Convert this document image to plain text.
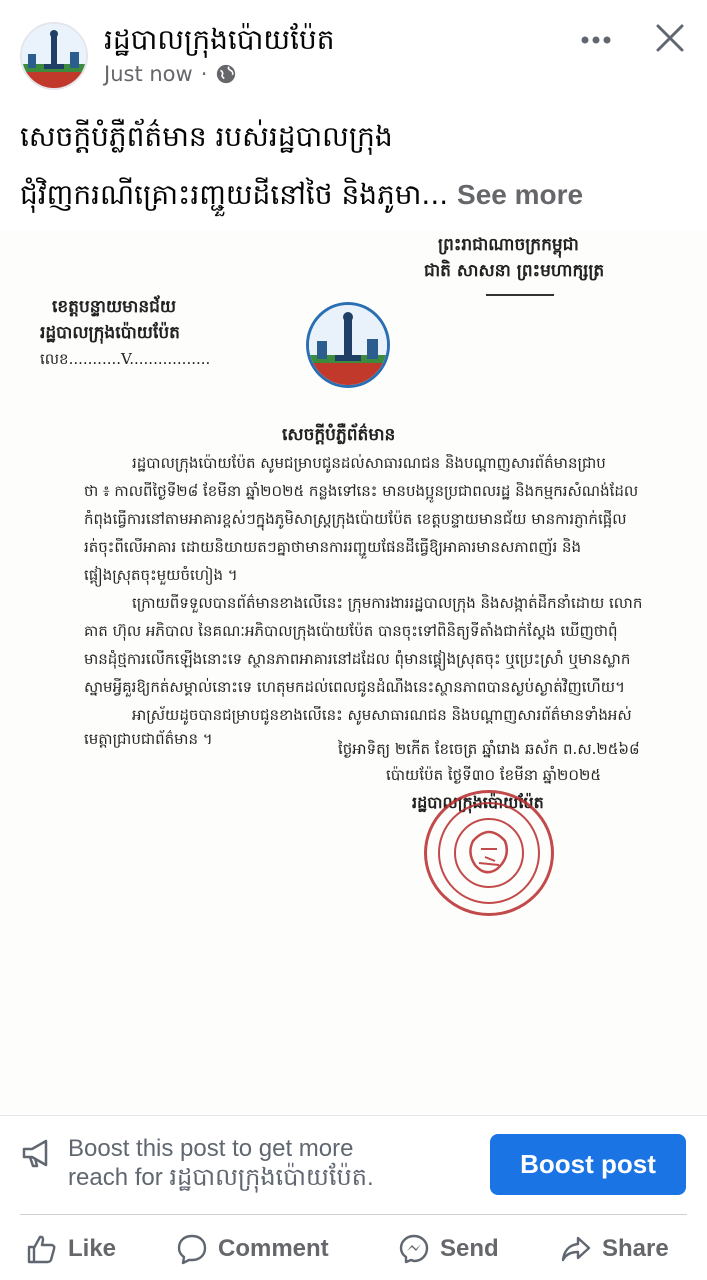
រដ្ឋបាលក្រុងប៉ោយប៉ែត
Just now ·
សេចក្ដីបំភ្លឺព័ត៌មាន របស់រដ្ឋបាលក្រុង
ជុំវិញករណីគ្រោះរញ្ជួយដីនៅថៃ និងភូមា... See more
ព្រះរាជាណាចក្រកម្ពុជា
ជាតិ សាសនា ព្រះមហាក្សត្រ
ខេត្តបន្ទាយមានជ័យ
រដ្ឋបាលក្រុងប៉ោយប៉ែត
លេខ...........V.................
សេចក្ដីបំភ្លឺព័ត៌មាន
រដ្ឋបាលក្រុងប៉ោយប៉ែត សូមជម្រាបជូនដល់សាធារណជន និងបណ្ដាញសារព័ត៌មានជ្រាប
ថា ៖ កាលពីថ្ងៃទី២៨ ខែមីនា ឆ្នាំ២០២៥ កន្លងទៅនេះ មានបងប្អូនប្រជាពលរដ្ឋ និងកម្មករសំណង់ដែល
កំពុងធ្វើការនៅតាមអាគារខ្ពស់ៗក្នុងភូមិសាស្ត្រក្រុងប៉ោយប៉ែត ខេត្តបន្ទាយមានជ័យ មានការភ្ញាក់ផ្អើល
រត់ចុះពីលើអាគារ ដោយនិយាយតៗគ្នាថាមានការរញ្ជួយផែនដីធ្វើឱ្យអាគារមានសភាពញ័រ និង
ផ្ដៀងស្រុតចុះមួយចំហៀង ។
ក្រោយពីទទួលបានព័ត៌មានខាងលើនេះ ក្រុមការងាររដ្ឋបាលក្រុង និងសង្កាត់ដឹកនាំដោយ លោក
គាត ហ៊ុល អភិបាល នៃគណៈអភិបាលក្រុងប៉ោយប៉ែត បានចុះទៅពិនិត្យទីតាំងជាក់ស្ដែង ឃើញថាពុំ
មានដុំថ្មការលើកឡើងនោះទេ ស្ថានភាពអាគារនៅដដែល ពុំមានផ្ដៀងស្រុតចុះ ឬប្រេះស្រាំ ឬមានស្លាក
ស្នាមអ្វីគួរឱ្យកត់សម្គាល់នោះទេ ហេតុមកដល់ពេលជូនដំណឹងនេះស្ថានភាពបានស្ងប់ស្ងាត់វិញហើយ។
អាស្រ័យដូចបានជម្រាបជូនខាងលើនេះ សូមសាធារណជន និងបណ្ដាញសារព័ត៌មានទាំងអស់
មេត្តាជ្រាបជាព័ត៌មាន ។
ថ្ងៃអាទិត្យ ២កើត ខែចេត្រ ឆ្នាំរោង ឆស័ក ព.ស.២៥៦៨
ប៉ោយប៉ែត ថ្ងៃទី៣០ ខែមីនា ឆ្នាំ២០២៥
រដ្ឋបាលក្រុងប៉ោយប៉ែត
Boost this post to get more
reach for រដ្ឋបាលក្រុងប៉ោយប៉ែត.	Boost post
Like	Comment	Send	Share
